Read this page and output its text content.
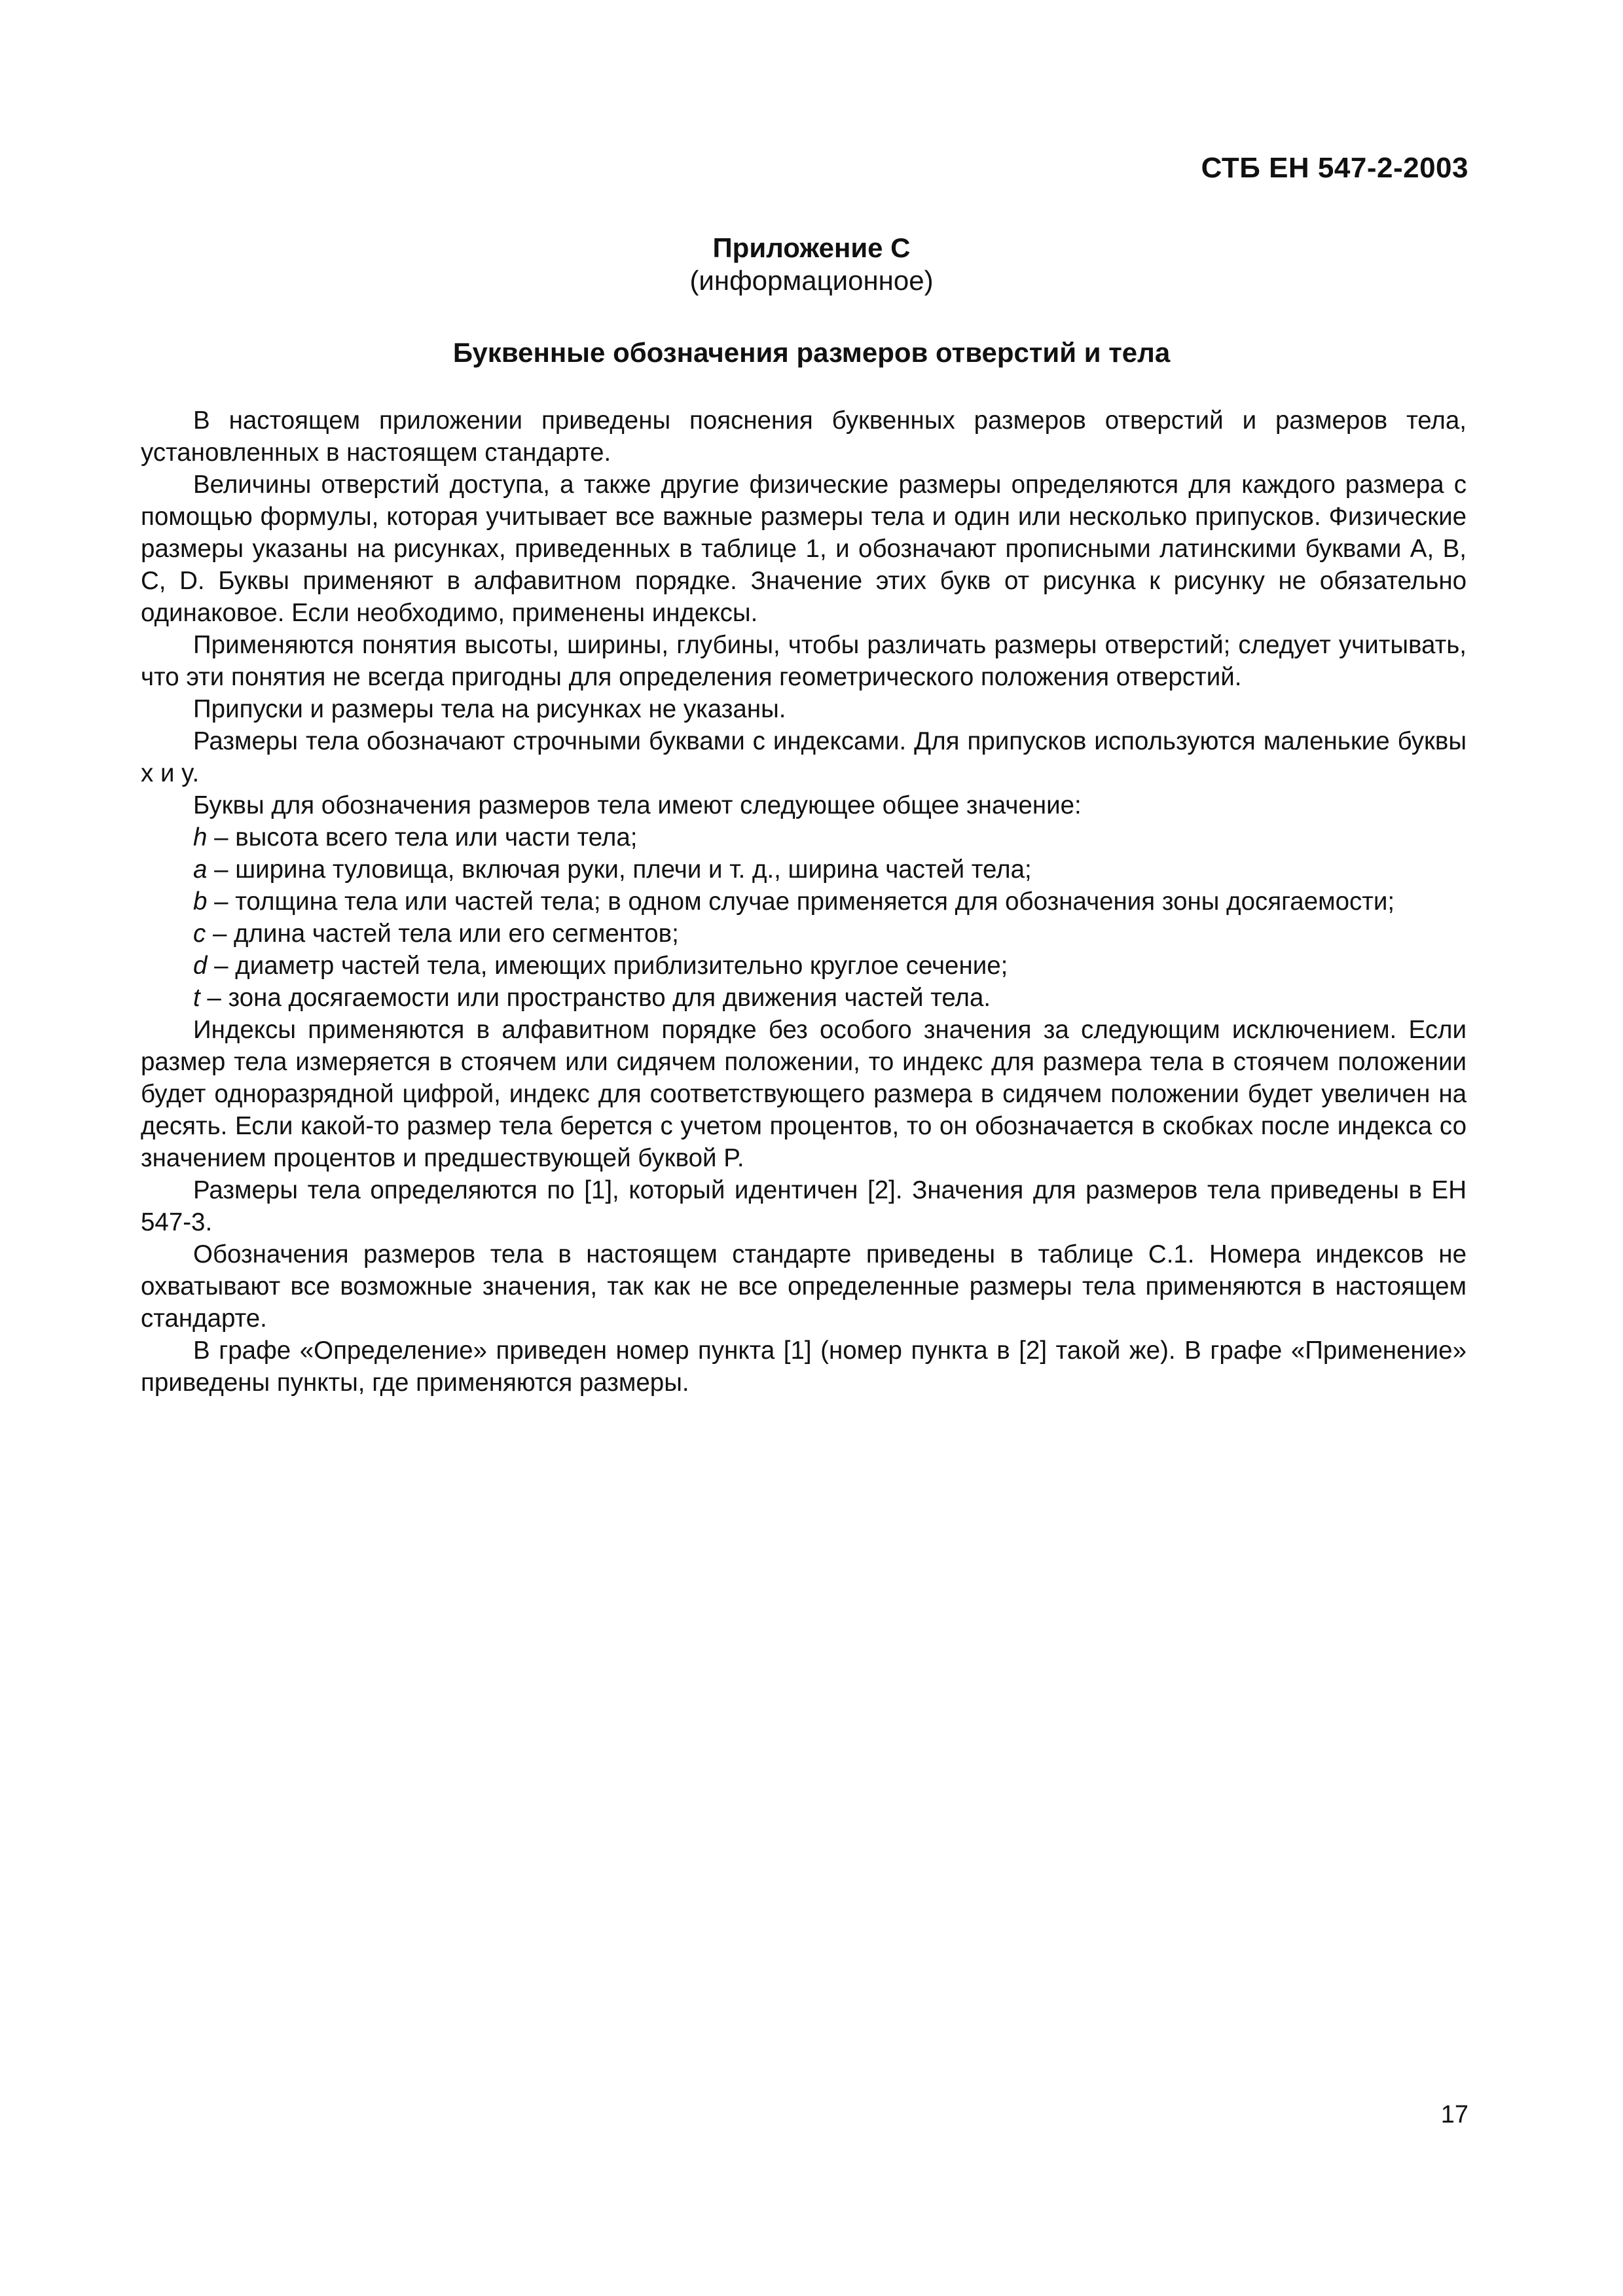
СТБ ЕН 547-2-2003
Приложение С
(информационное)
Буквенные обозначения размеров отверстий и тела

В настоящем приложении приведены пояснения буквенных размеров отверстий и размеров тела, установленных в настоящем стандарте.

Величины отверстий доступа, а также другие физические размеры определяются для каждого размера с помощью формулы, которая учитывает все важные размеры тела и один или несколько припусков. Физические размеры указаны на рисунках, приведенных в таблице 1, и обозначают прописными латинскими буквами A, B, C, D. Буквы применяют в алфавитном порядке. Значение этих букв от рисунка к рисунку не обязательно одинаковое. Если необходимо, применены индексы.

Применяются понятия высоты, ширины, глубины, чтобы различать размеры отверстий; следует учитывать, что эти понятия не всегда пригодны для определения геометрического положения отверстий.

Припуски и размеры тела на рисунках не указаны.

Размеры тела обозначают строчными буквами с индексами. Для припусков используются маленькие буквы x и y.

Буквы для обозначения размеров тела имеют следующее общее значение:

h – высота всего тела или части тела;

a – ширина туловища, включая руки, плечи и т. д., ширина частей тела;

b – толщина тела или частей тела; в одном случае применяется для обозначения зоны досягаемости;

c – длина частей тела или его сегментов;

d – диаметр частей тела, имеющих приблизительно круглое сечение;

t – зона досягаемости или пространство для движения частей тела.

Индексы применяются в алфавитном порядке без особого значения за следующим исключением. Если размер тела измеряется в стоячем или сидячем положении, то индекс для размера тела в стоячем положении будет одноразрядной цифрой, индекс для соответствующего размера в сидячем положении будет увеличен на десять. Если какой-то размер тела берется с учетом процентов, то он обозначается в скобках после индекса со значением процентов и предшествующей буквой P.

Размеры тела определяются по [1], который идентичен [2]. Значения для размеров тела приведены в ЕН 547-3.

Обозначения размеров тела в настоящем стандарте приведены в таблице С.1. Номера индексов не охватывают все возможные значения, так как не все определенные размеры тела применяются в настоящем стандарте.

В графе «Определение» приведен номер пункта [1] (номер пункта в [2] такой же). В графе «Применение» приведены пункты, где применяются размеры.

17
